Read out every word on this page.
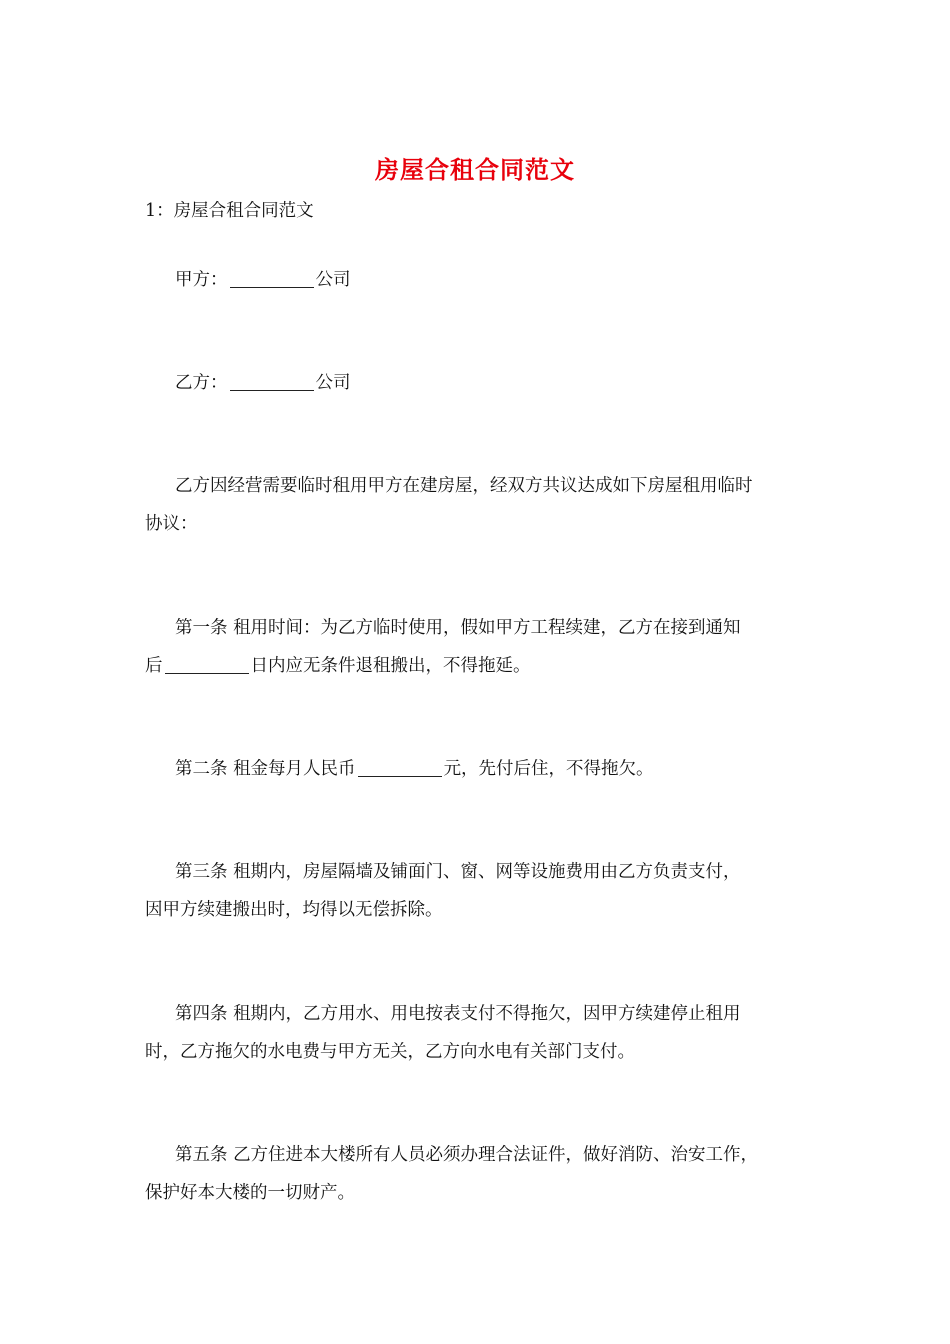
房屋合租合同范文
1：房屋合租合同范文
甲方：	公司
乙方：	公司
乙方因经营需要临时租用甲方在建房屋，经双方共议达成如下房屋租用临时
协议：
第一条 租用时间：为乙方临时使用，假如甲方工程续建，乙方在接到通知
后	日内应无条件退租搬出，不得拖延。
第二条 租金每月人民币	元，先付后住，不得拖欠。
第三条 租期内，房屋隔墙及铺面门、窗、网等设施费用由乙方负责支付，
因甲方续建搬出时，均得以无偿拆除。
第四条 租期内，乙方用水、用电按表支付不得拖欠，因甲方续建停止租用
时，乙方拖欠的水电费与甲方无关，乙方向水电有关部门支付。
第五条 乙方住进本大楼所有人员必须办理合法证件，做好消防、治安工作，
保护好本大楼的一切财产。
